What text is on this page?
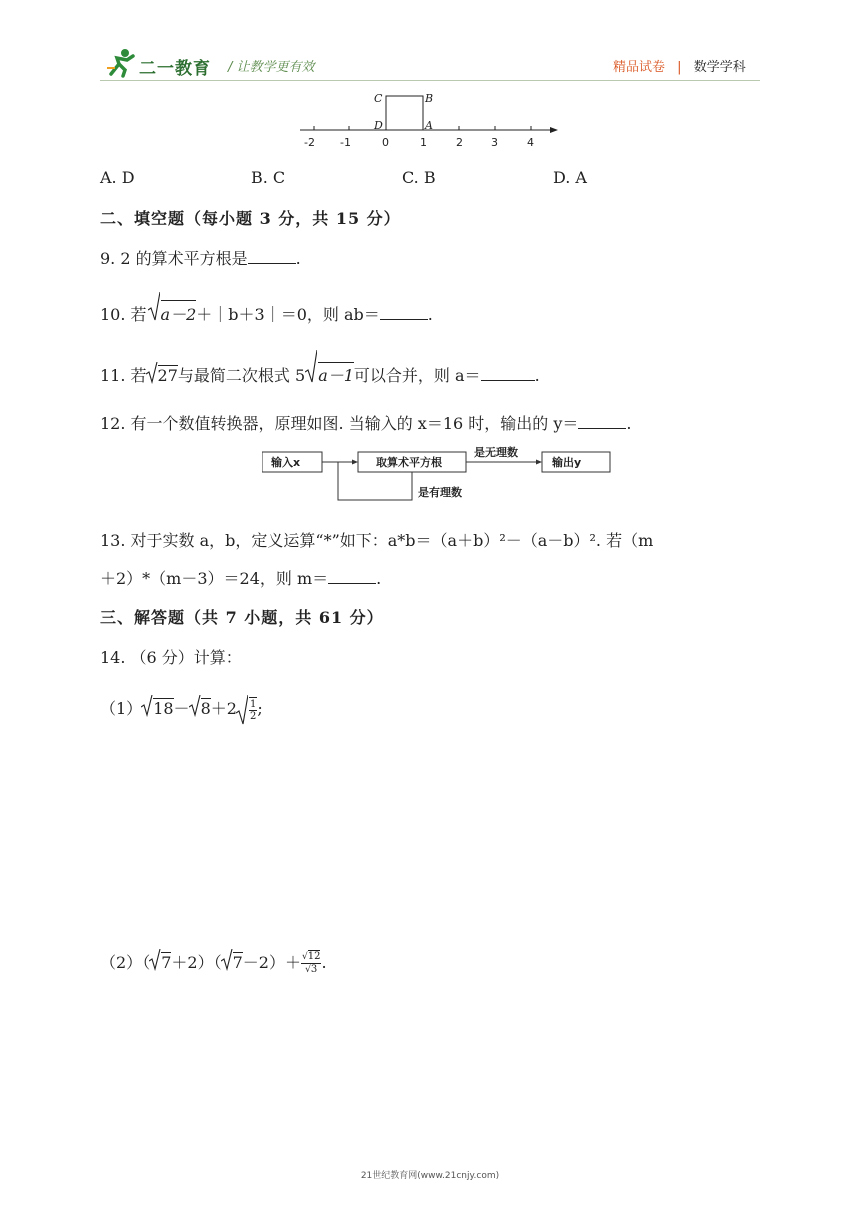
二一教育 / 让教学更有效	精品试卷 | 数学学科
-2 -1	0	1	2	3	4
C	B
D	A
A. D	B. C	C. B	D. A
二、填空题（每小题 3 分，共 15 分）
9. 2 的算术平方根是	.
10. 若 a－2＋｜b＋3｜＝0，则 ab＝	.
11. 若 27与最简二次根式 5 a－1可以合并，则 a＝	.
12. 有一个数值转换器，原理如图. 当输入的 x＝16 时，输出的 y＝	.
输入x	取算术平方根
是无理数
输出y
是有理数
13. 对于实数 a，b，定义运算“*”如下：a*b＝（a＋b）²－（a－b）². 若（m
＋2）*（m－3）＝24，则 m＝	.
三、解答题（共 7 小题，共 61 分）
14. （6 分）计算：
（1） $18- 8+2 \frac{1}{2}$ ;
（2）（ 7＋2）（ $7-2)+ \frac{√12}{√3}$ .
21世纪教育网(www.21cnjy.com)
